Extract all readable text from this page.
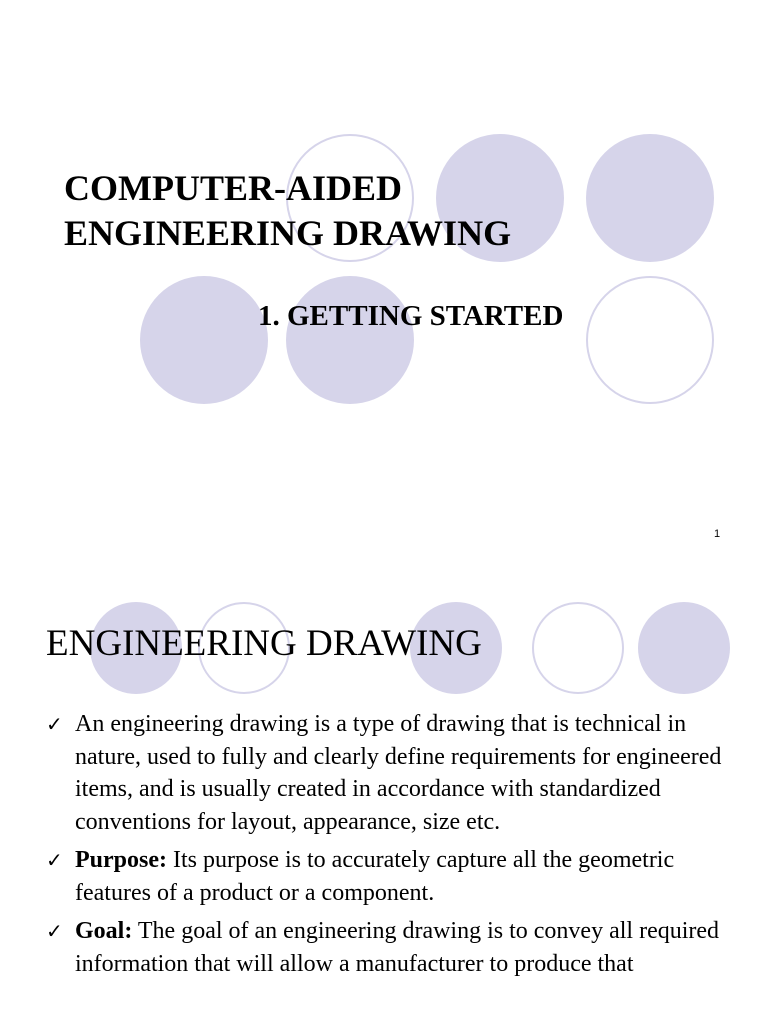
COMPUTER-AIDED
ENGINEERING DRAWING
1. GETTING STARTED
1
ENGINEERING DRAWING
✓ An engineering drawing is a type of drawing that is technical in nature, used to fully and clearly define requirements for engineered items, and is usually created in accordance with standardized conventions for layout, appearance, size etc.
✓ Purpose: Its purpose is to accurately capture all the geometric features of a product or a component.
✓ Goal: The goal of an engineering drawing is to convey all required information that will allow a manufacturer to produce that
